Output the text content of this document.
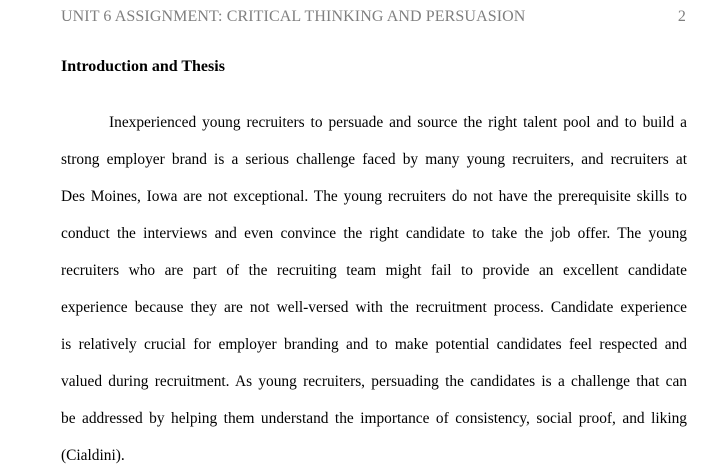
UNIT 6 ASSIGNMENT: CRITICAL THINKING AND PERSUASION	2
Introduction and Thesis

Inexperienced young recruiters to persuade and source the right talent pool and to build a
strong employer brand is a serious challenge faced by many young recruiters, and recruiters at
Des Moines, Iowa are not exceptional. The young recruiters do not have the prerequisite skills to
conduct the interviews and even convince the right candidate to take the job offer. The young
recruiters who are part of the recruiting team might fail to provide an excellent candidate
experience because they are not well-versed with the recruitment process. Candidate experience
is relatively crucial for employer branding and to make potential candidates feel respected and
valued during recruitment. As young recruiters, persuading the candidates is a challenge that can
be addressed by helping them understand the importance of consistency, social proof, and liking
(Cialdini).
